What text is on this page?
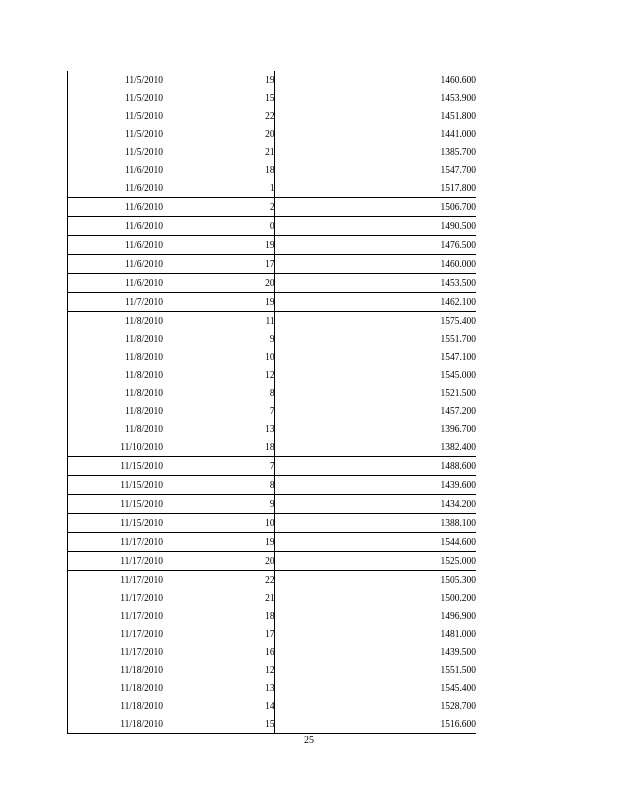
11/5/2010	19	1460.600
11/5/2010	15	1453.900
11/5/2010	22	1451.800
11/5/2010	20	1441.000
11/5/2010	21	1385.700
11/6/2010	18	1547.700
11/6/2010	1	1517.800
11/6/2010	2	1506.700
11/6/2010	0	1490.500
11/6/2010	19	1476.500
11/6/2010	17	1460.000
11/6/2010	20	1453.500
11/7/2010	19	1462.100
11/8/2010	11	1575.400
11/8/2010	9	1551.700
11/8/2010	10	1547.100
11/8/2010	12	1545.000
11/8/2010	8	1521.500
11/8/2010	7	1457.200
11/8/2010	13	1396.700
11/10/2010	18	1382.400
11/15/2010	7	1488.600
11/15/2010	8	1439.600
11/15/2010	9	1434.200
11/15/2010	10	1388.100
11/17/2010	19	1544.600
11/17/2010	20	1525.000
11/17/2010	22	1505.300
11/17/2010	21	1500.200
11/17/2010	18	1496.900
11/17/2010	17	1481.000
11/17/2010	16	1439.500
11/18/2010	12	1551.500
11/18/2010	13	1545.400
11/18/2010	14	1528.700
11/18/2010	15	1516.600
25
